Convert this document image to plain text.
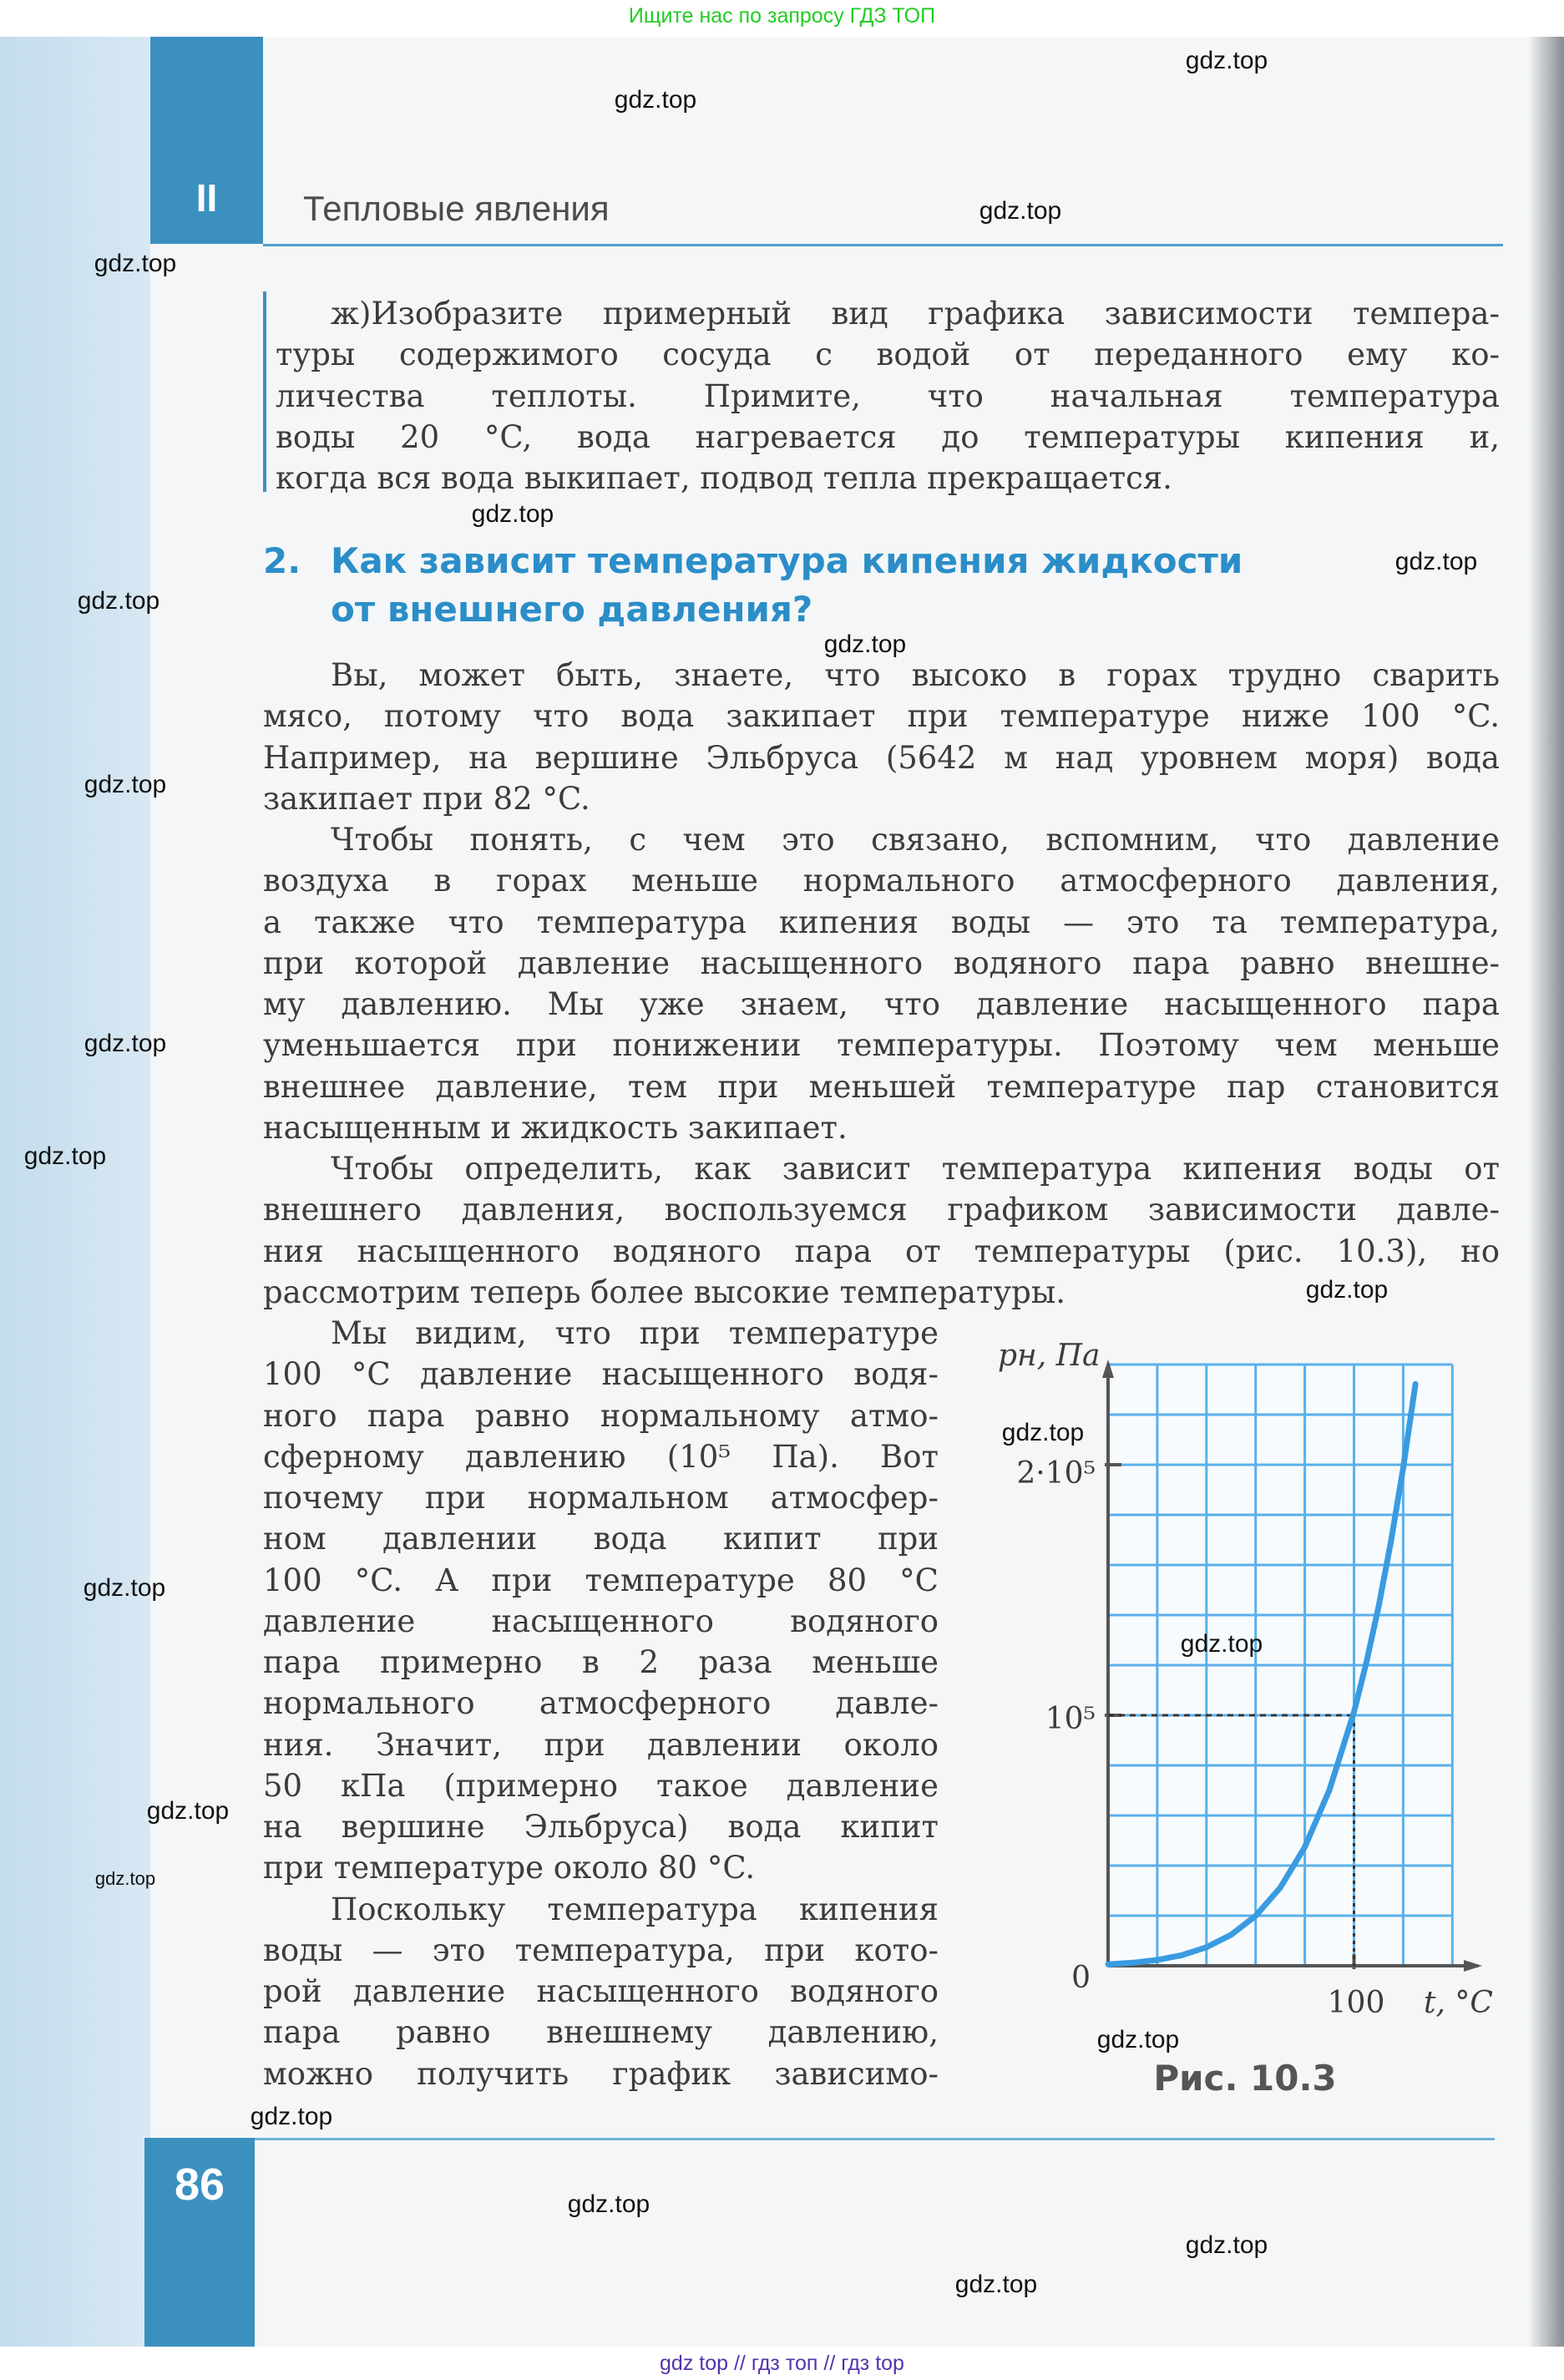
Ищите нас по запросу ГДЗ ТОП
II	Тепловые явления
ж)Изобразите примерный вид графика зависимости темпера-
туры содержимого сосуда с водой от переданного ему ко-
личества теплоты. Примите, что начальная температура
воды 20 °C, вода нагревается до температуры кипения и,
когда вся вода выкипает, подвод тепла прекращается.
2. Как зависит температура кипения жидкости
от внешнего давления?
Вы, может быть, знаете, что высоко в горах трудно сварить
мясо, потому что вода закипает при температуре ниже 100 °C.
Например, на вершине Эльбруса (5642 м над уровнем моря) вода
закипает при 82 °C.
Чтобы понять, с чем это связано, вспомним, что давление
воздуха в горах меньше нормального атмосферного давления,
а также что температура кипения воды — это та температура,
при которой давление насыщенного водяного пара равно внешне-
му давлению. Мы уже знаем, что давление насыщенного пара
уменьшается при понижении температуры. Поэтому чем меньше
внешнее давление, тем при меньшей температуре пар становится
насыщенным и жидкость закипает.
Чтобы определить, как зависит температура кипения воды от
внешнего давления, воспользуемся графиком зависимости давле-
ния насыщенного водяного пара от температуры (рис. 10.3), но
рассмотрим теперь более высокие температуры.
Мы видим, что при температуре
100 °C давление насыщенного водя-
ного пара равно нормальному атмо-
сферному давлению (10⁵ Па). Вот
почему при нормальном атмосфер-
ном давлении вода кипит при
100 °C. А при температуре 80 °C
давление насыщенного водяного
пара примерно в 2 раза меньше
нормального атмосферного давле-
ния. Значит, при давлении около
50 кПа (примерно такое давление
на вершине Эльбруса) вода кипит
при температуре около 80 °C.
Поскольку температура кипения
воды — это температура, при кото-
рой давление насыщенного водяного
пара равно внешнему давлению,
можно получить график зависимо-
pн, Па
t, °C
100
0
10⁵
2·10⁵
Рис. 10.3
86
gdz.top
gdz.top
gdz.top
gdz.top
gdz.top
gdz.top
gdz.top
gdz.top
gdz.top
gdz.top
gdz.top
gdz.top
gdz.top
gdz.top
gdz.top
gdz.top
gdz.top
gdz.top
gdz.top
gdz.top
gdz.top
gdz.top
gdz top // гдз топ // гдз top
